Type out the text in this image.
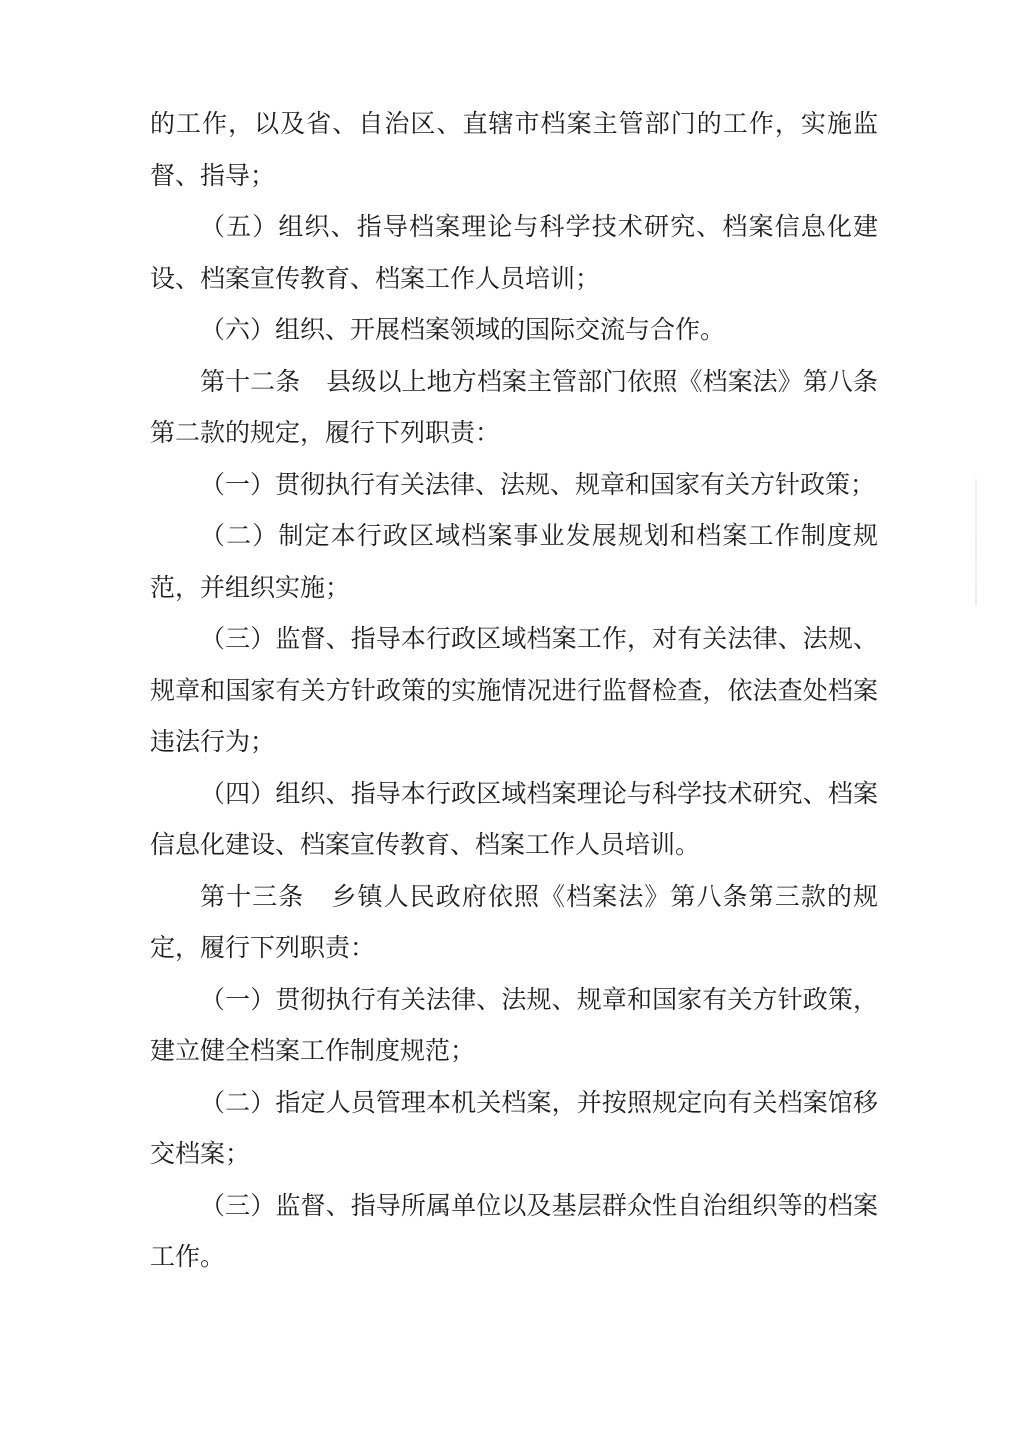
的工作，以及省、自治区、直辖市档案主管部门的工作，实施监督、指导；

（五）组织、指导档案理论与科学技术研究、档案信息化建设、档案宣传教育、档案工作人员培训；

（六）组织、开展档案领域的国际交流与合作。

第十二条 县级以上地方档案主管部门依照《档案法》第八条第二款的规定，履行下列职责：

（一）贯彻执行有关法律、法规、规章和国家有关方针政策；

（二）制定本行政区域档案事业发展规划和档案工作制度规范，并组织实施；

（三）监督、指导本行政区域档案工作，对有关法律、法规、规章和国家有关方针政策的实施情况进行监督检查，依法查处档案违法行为；

（四）组织、指导本行政区域档案理论与科学技术研究、档案信息化建设、档案宣传教育、档案工作人员培训。

第十三条 乡镇人民政府依照《档案法》第八条第三款的规定，履行下列职责：

（一）贯彻执行有关法律、法规、规章和国家有关方针政策，建立健全档案工作制度规范；

（二）指定人员管理本机关档案，并按照规定向有关档案馆移交档案；

（三）监督、指导所属单位以及基层群众性自治组织等的档案工作。
